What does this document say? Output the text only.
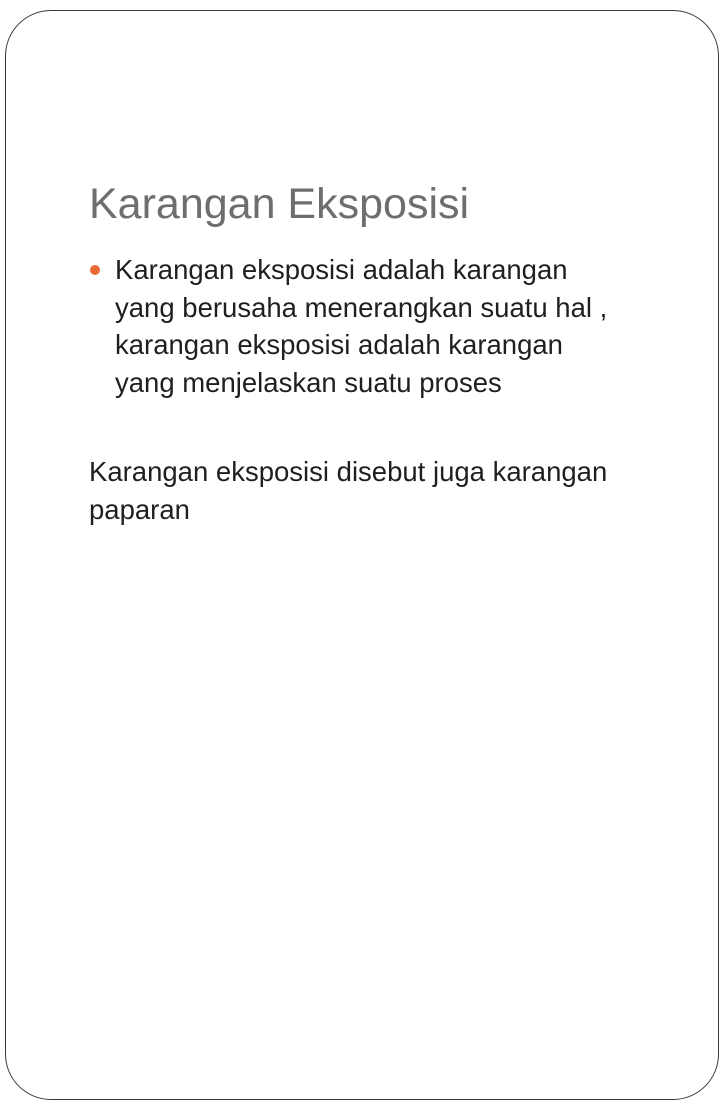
Karangan Eksposisi
Karangan eksposisi adalah karangan
yang berusaha menerangkan suatu hal ,
karangan eksposisi adalah karangan
yang menjelaskan suatu proses
Karangan eksposisi disebut juga karangan
paparan
